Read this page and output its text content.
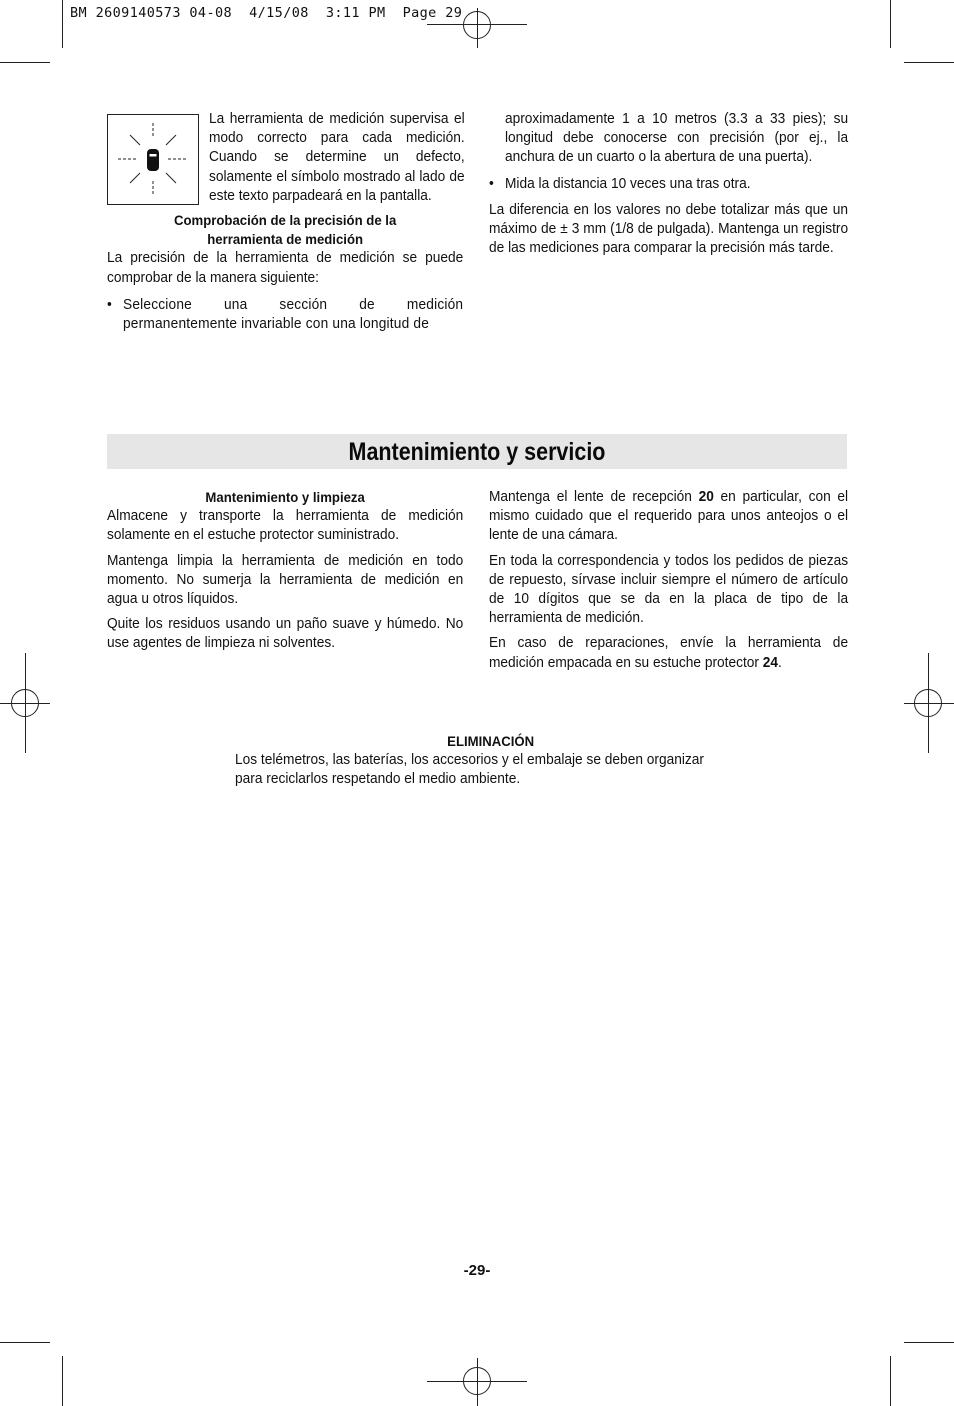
BM 2609140573 04-08  4/15/08  3:11 PM  Page 29

La herramienta de medición supervisa el modo correcto para cada medición. Cuando se determine un defecto, solamente el símbolo mostrado al lado de este texto parpadeará en la pantalla.

Comprobación de la precisión de la
herramienta de medición

La precisión de la herramienta de medición se puede comprobar de la manera siguiente:

• Seleccione una sección de medición permanentemente invariable con una longitud de
aproximadamente 1 a 10 metros (3.3 a 33 pies); su longitud debe conocerse con precisión (por ej., la anchura de un cuarto o la abertura de una puerta).
• Mida la distancia 10 veces una tras otra.

La diferencia en los valores no debe totalizar más que un máximo de ± 3 mm (1/8 de pulgada). Mantenga un registro de las mediciones para comparar la precisión más tarde.

Mantenimiento y servicio
Mantenimiento y limpieza

Almacene y transporte la herramienta de medición solamente en el estuche protector suministrado.

Mantenga limpia la herramienta de medición en todo momento. No sumerja la herramienta de medición en agua u otros líquidos.

Quite los residuos usando un paño suave y húmedo. No use agentes de limpieza ni solventes.

Mantenga el lente de recepción 20 en particular, con el mismo cuidado que el requerido para unos anteojos o el lente de una cámara.

En toda la correspondencia y todos los pedidos de piezas de repuesto, sírvase incluir siempre el número de artículo de 10 dígitos que se da en la placa de tipo de la herramienta de medición.

En caso de reparaciones, envíe la herramienta de medición empacada en su estuche protector 24.

ELIMINACIÓN
Los telémetros, las baterías, los accesorios y el embalaje se deben organizar
para reciclarlos respetando el medio ambiente.
-29-
